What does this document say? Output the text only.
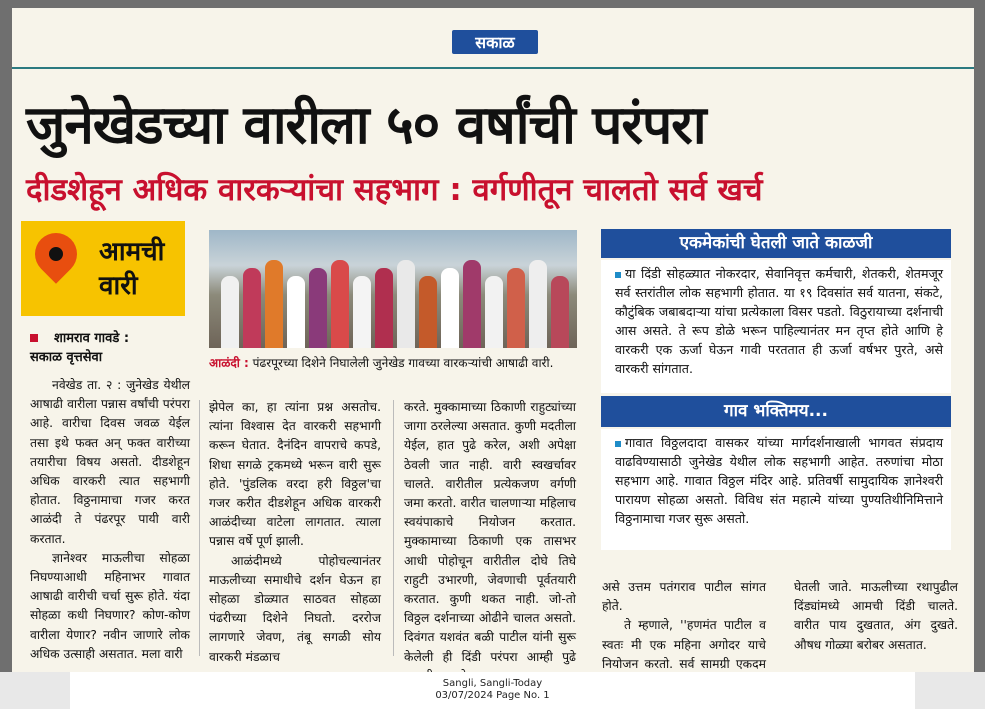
सकाळ
जुनेखेडच्या वारीला ५० वर्षांची परंपरा
दीडशेहून अधिक वारकऱ्यांचा सहभाग : वर्गणीतून चालतो सर्व खर्च
आमची
वारी
शामराव गावडे :
सकाळ वृत्तसेवा	आळंदी : पंढरपूरच्या दिशेने निघालेली जुनेखेड गावच्या वारकऱ्यांची आषाढी वारी.

नवेखेड ता. २ : जुनेखेड येथील आषाढी वारीला पन्नास वर्षांची परंपरा आहे. वारीचा दिवस जवळ येईल तसा इथे फक्त अन् फक्त वारीच्या तयारीचा विषय असतो. दीडशेहून अधिक वारकरी त्यात सहभागी होतात. विठ्ठनामाचा गजर करत आळंदी ते पंढरपूर पायी वारी करतात.

ज्ञानेश्वर माऊलीचा सोहळा निघण्याआधी महिनाभर गावात आषाढी वारीची चर्चा सुरू होते. यंदा सोहळा कधी निघणार? कोण-कोण वारीला येणार? नवीन जाणारे लोक अधिक उत्साही असतात. मला वारी

झेपेल का, हा त्यांना प्रश्न असतोच. त्यांना विश्वास देत वारकरी सहभागी करून घेतात. दैनंदिन वापराचे कपडे, शिधा सगळे ट्रकमध्ये भरून वारी सुरू होते. 'पुंडलिक वरदा हरी विठ्ठल'चा गजर करीत दीडशेहून अधिक वारकरी आळंदीच्या वाटेला लागतात. त्याला पन्नास वर्षे पूर्ण झाली.

आळंदीमध्ये पोहोचल्यानंतर माऊलीच्या समाधीचे दर्शन घेऊन हा सोहळा डोळ्यात साठवत सोहळा पंढरीच्या दिशेने निघतो. दररोज लागणारे जेवण, तंबू सगळी सोय वारकरी मंडळाच

करते. मुक्कामाच्या ठिकाणी राहुट्यांच्या जागा ठरलेल्या असतात. कुणी मदतीला येईल, हात पुढे करेल, अशी अपेक्षा ठेवली जात नाही. वारी स्वखर्चावर चालते. वारीतील प्रत्येकजण वर्गणी जमा करतो. वारीत चालणाऱ्या महिलाच स्वयंपाकाचे नियोजन करतात. मुक्कामाच्या ठिकाणी एक तासभर आधी पोहोचून वारीतील दोघे तिघे राहुटी उभारणी, जेवणाची पूर्वतयारी करतात. कुणी थकत नाही. जो-तो विठ्ठल दर्शनाच्या ओढीने चालत असतो. दिवंगत यशवंत बळी पाटील यांनी सुरू केलेली ही दिंडी परंपरा आम्ही पुढे

असे उत्तम पतंगराव पाटील सांगत होते.

ते म्हणाले, ''हणमंत पाटील व स्वतः मी एक महिना अगोदर याचे नियोजन करतो. सर्व सामग्री एकदम

घेतली जाते. माऊलीच्या रथापुढील दिंड्यांमध्ये आमची दिंडी चालते. वारीत पाय दुखतात, अंग दुखते. औषध गोळ्या बरोबर असतात.

एकमेकांची घेतली जाते काळजी
या दिंडी सोहळ्यात नोकरदार, सेवानिवृत्त कर्मचारी, शेतकरी, शेतमजूर सर्व स्तरांतील लोक सहभागी होतात. या १९ दिवसांत सर्व यातना, संकटे, कौटुंबिक जबाबदाऱ्या यांचा प्रत्येकाला विसर पडतो. विठुरायाच्या दर्शनाची आस असते. ते रूप डोळे भरून पाहिल्यानंतर मन तृप्त होते आणि हे वारकरी एक ऊर्जा घेऊन गावी परततात ही ऊर्जा वर्षभर पुरते, असे वारकरी सांगतात.
गाव भक्तिमय...
गावात विठ्ठलदादा वासकर यांच्या मार्गदर्शनाखाली भागवत संप्रदाय वाढविण्यासाठी जुनेखेड येथील लोक सहभागी आहेत. तरुणांचा मोठा सहभाग आहे. गावात विठ्ठल मंदिर आहे. प्रतिवर्षी सामुदायिक ज्ञानेश्वरी पारायण सोहळा असतो. विविध संत महात्मे यांच्या पुण्यतिथीनिमित्ताने विठ्ठनामाचा गजर सुरू असतो.
Sangli, Sangli-Today
03/07/2024 Page No. 1
